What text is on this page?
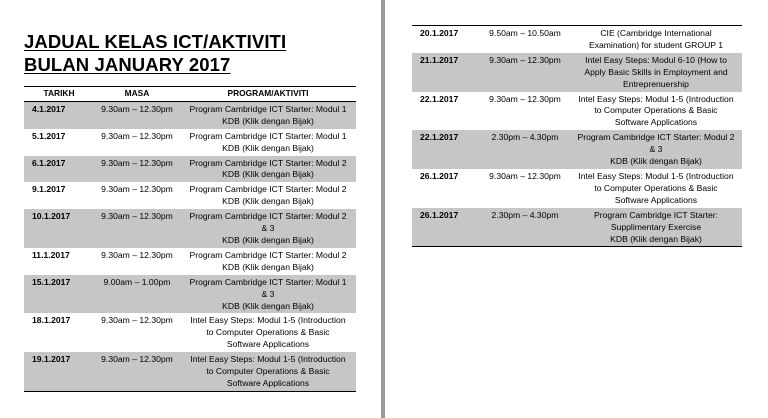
JADUAL KELAS ICT/AKTIVITI
BULAN JANUARY 2017
TARIKH	MASA	PROGRAM/AKTIVITI
4.1.2017	9.30am – 12.30pm	Program Cambridge ICT Starter: Modul 1
KDB (Klik dengan Bijak)

5.1.2017	9.30am – 12.30pm	Program Cambridge ICT Starter: Modul 1
KDB (Klik dengan Bijak)

6.1.2017	9.30am – 12.30pm	Program Cambridge ICT Starter: Modul 2
KDB (Klik dengan Bijak)

9.1.2017	9.30am – 12.30pm	Program Cambridge ICT Starter: Modul 2
KDB (Klik dengan Bijak)

10.1.2017	9.30am – 12.30pm	Program Cambridge ICT Starter: Modul 2
& 3
KDB (Klik dengan Bijak)

11.1.2017	9.30am – 12.30pm	Program Cambridge ICT Starter: Modul 2
KDB (Klik dengan Bijak)

15.1.2017	9.00am – 1.00pm	Program Cambridge ICT Starter: Modul 1
& 3
KDB (Klik dengan Bijak)

18.1.2017	9.30am – 12.30pm	Intel Easy Steps: Modul 1-5 (Introduction
to Computer Operations & Basic
Software Applications

19.1.2017	9.30am – 12.30pm	Intel Easy Steps: Modul 1-5 (Introduction
to Computer Operations & Basic
Software Applications
20.1.2017	9.50am – 10.50am	CIE (Cambridge International
Examination) for student GROUP 1

21.1.2017	9.30am – 12.30pm	Intel Easy Steps: Modul 6-10 (How to
Apply Basic Skills in Employment and
Entreprenuership

22.1.2017	9.30am – 12.30pm	Intel Easy Steps: Modul 1-5 (Introduction
to Computer Operations & Basic
Software Applications

22.1.2017	2.30pm – 4.30pm	Program Cambridge ICT Starter: Modul 2
& 3
KDB (Klik dengan Bijak)

26.1.2017	9.30am – 12.30pm	Intel Easy Steps: Modul 1-5 (Introduction
to Computer Operations & Basic
Software Applications

26.1.2017	2.30pm – 4.30pm	Program Cambridge ICT Starter:
Supplimentary Exercise
KDB (Klik dengan Bijak)
